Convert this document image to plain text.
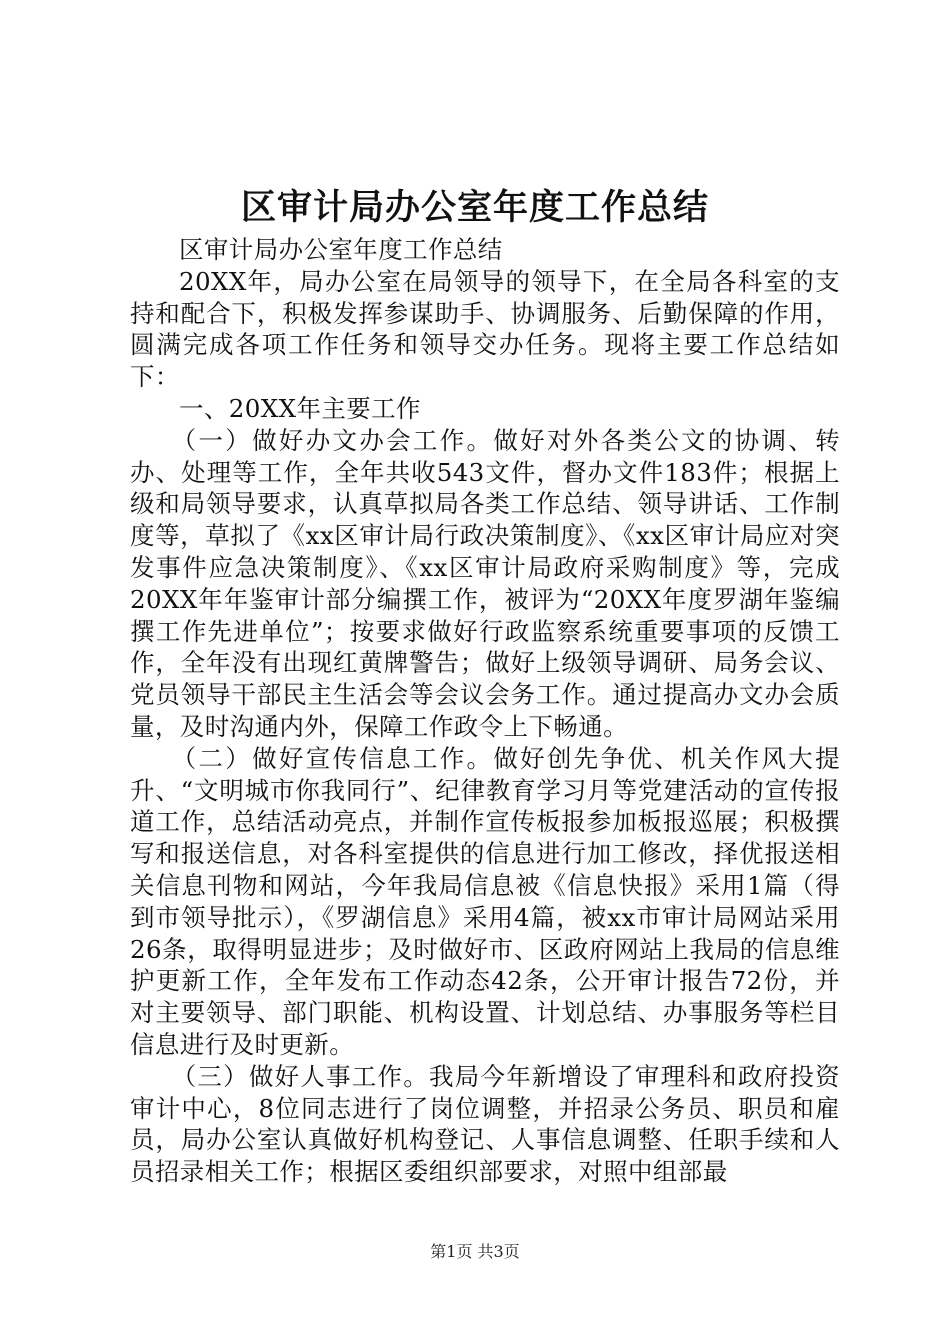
区审计局办公室年度工作总结

区审计局办公室年度工作总结

20XX年，局办公室在局领导的领导下，在全局各科室的支持和配合下，积极发挥参谋助手、协调服务、后勤保障的作用，圆满完成各项工作任务和领导交办任务。现将主要工作总结如下：

一、20XX年主要工作

（一）做好办文办会工作。做好对外各类公文的协调、转办、处理等工作，全年共收543文件，督办文件183件；根据上级和局领导要求，认真草拟局各类工作总结、领导讲话、工作制度等，草拟了《xx区审计局行政决策制度》、《xx区审计局应对突发事件应急决策制度》、《xx区审计局政府采购制度》等，完成20XX年年鉴审计部分编撰工作，被评为“20XX年度罗湖年鉴编撰工作先进单位”；按要求做好行政监察系统重要事项的反馈工作，全年没有出现红黄牌警告；做好上级领导调研、局务会议、党员领导干部民主生活会等会议会务工作。通过提高办文办会质量，及时沟通内外，保障工作政令上下畅通。

（二）做好宣传信息工作。做好创先争优、机关作风大提升、“文明城市你我同行”、纪律教育学习月等党建活动的宣传报道工作，总结活动亮点，并制作宣传板报参加板报巡展；积极撰写和报送信息，对各科室提供的信息进行加工修改，择优报送相关信息刊物和网站，今年我局信息被《信息快报》采用1篇（得到市领导批示），《罗湖信息》采用4篇，被xx市审计局网站采用26条，取得明显进步；及时做好市、区政府网站上我局的信息维护更新工作，全年发布工作动态42条，公开审计报告72份，并对主要领导、部门职能、机构设置、计划总结、办事服务等栏目信息进行及时更新。

（三）做好人事工作。我局今年新增设了审理科和政府投资审计中心，8位同志进行了岗位调整，并招录公务员、职员和雇员，局办公室认真做好机构登记、人事信息调整、任职手续和人员招录相关工作；根据区委组织部要求，对照中组部最

第1页 共3页
